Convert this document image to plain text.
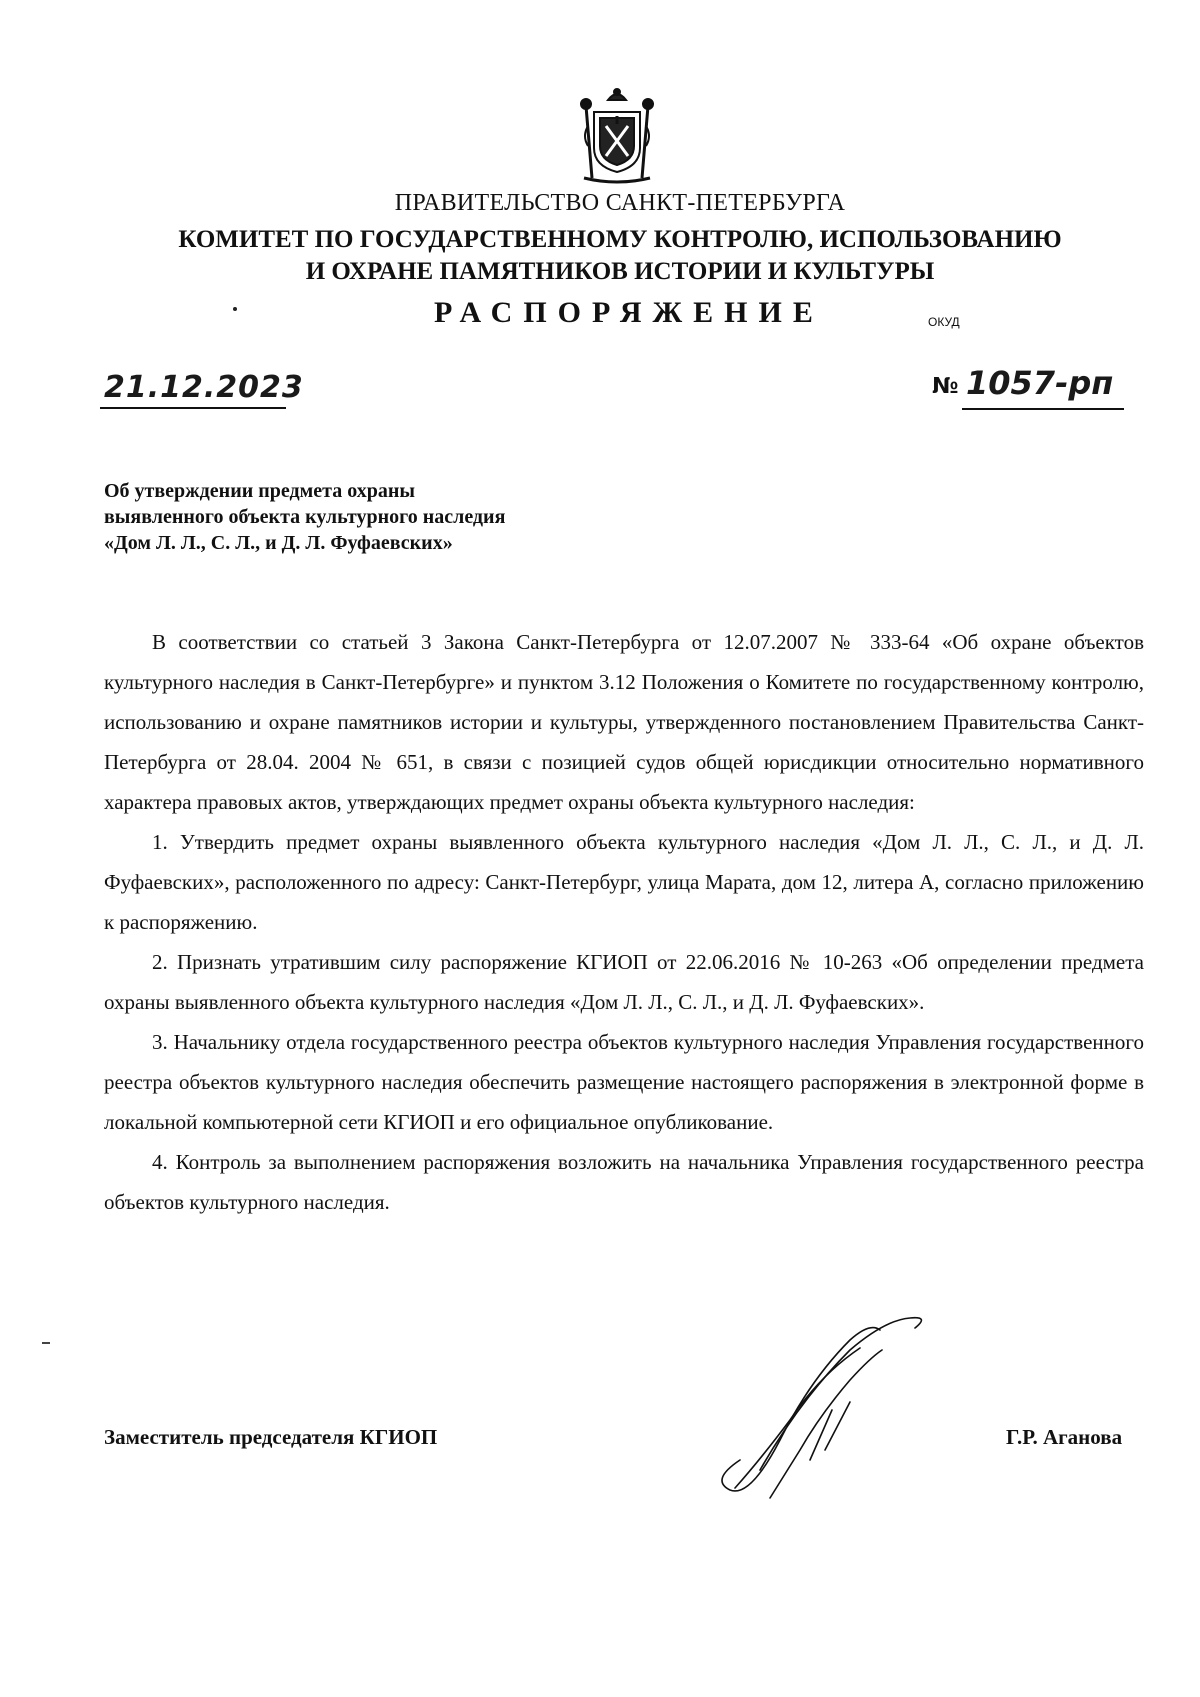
ПРАВИТЕЛЬСТВО САНКТ-ПЕТЕРБУРГА
КОМИТЕТ ПО ГОСУДАРСТВЕННОМУ КОНТРОЛЮ, ИСПОЛЬЗОВАНИЮ
И ОХРАНЕ ПАМЯТНИКОВ ИСТОРИИ И КУЛЬТУРЫ
РАСПОРЯЖЕНИЕ	ОКУД
21.12.2023	№ 1057-рп
Об утверждении предмета охраны
выявленного объекта культурного наследия
«Дом Л. Л., С. Л., и Д. Л. Фуфаевских»

В соответствии со статьей 3 Закона Санкт-Петербурга от 12.07.2007 № 333-64 «Об охране объектов культурного наследия в Санкт-Петербурге» и пунктом 3.12 Положения о Комитете по государственному контролю, использованию и охране памятников истории и культуры, утвержденного постановлением Правительства Санкт-Петербурга от 28.04. 2004 № 651, в связи с позицией судов общей юрисдикции относительно нормативного характера правовых актов, утверждающих предмет охраны объекта культурного наследия:

1. Утвердить предмет охраны выявленного объекта культурного наследия «Дом Л. Л., С. Л., и Д. Л. Фуфаевских», расположенного по адресу: Санкт-Петербург, улица Марата, дом 12, литера А, согласно приложению к распоряжению.

2. Признать утратившим силу распоряжение КГИОП от 22.06.2016 № 10-263 «Об определении предмета охраны выявленного объекта культурного наследия «Дом Л. Л., С. Л., и Д. Л. Фуфаевских».

3. Начальнику отдела государственного реестра объектов культурного наследия Управления государственного реестра объектов культурного наследия обеспечить размещение настоящего распоряжения в электронной форме в локальной компьютерной сети КГИОП и его официальное опубликование.

4. Контроль за выполнением распоряжения возложить на начальника Управления государственного реестра объектов культурного наследия.

Заместитель председателя КГИОП	Г.Р. Аганова
